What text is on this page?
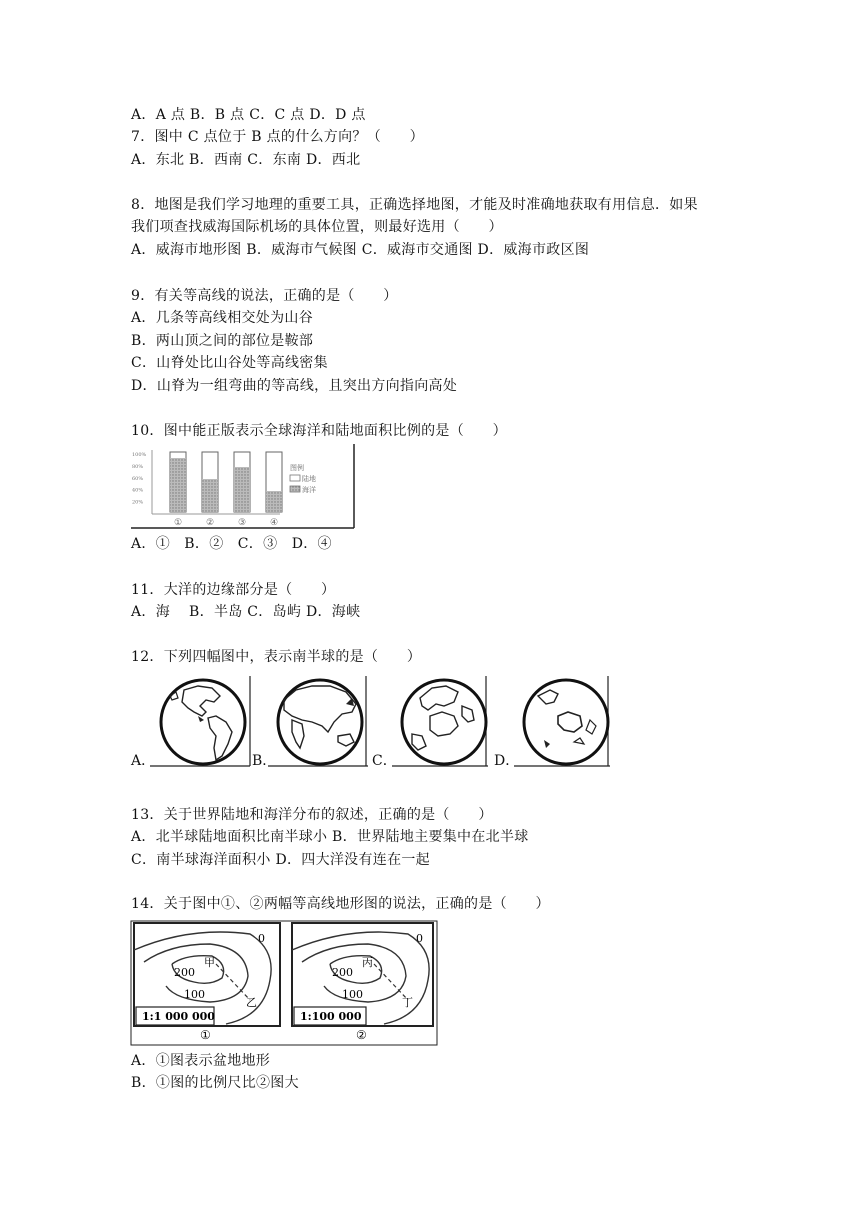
A．A 点 B．B 点 C．C 点 D．D 点
7．图中 C 点位于 B 点的什么方向？（　　）
A．东北 B．西南 C．东南 D．西北
8．地图是我们学习地理的重要工具，正确选择地图，才能及时准确地获取有用信息．如果
我们项查找威海国际机场的具体位置，则最好选用（　　）
A．威海市地形图 B．威海市气候图 C．威海市交通图 D．威海市政区图
9．有关等高线的说法，正确的是（　　）
A．几条等高线相交处为山谷
B．两山顶之间的部位是鞍部
C．山脊处比山谷处等高线密集
D．山脊为一组弯曲的等高线，且突出方向指向高处
10．图中能正版表示全球海洋和陆地面积比例的是（　　）
100%
80%
60%
40%
20%
①	②	③	④
图例
陆地
海洋
A．①　B．②　C．③　D．④
11．大洋的边缘部分是（　　）
A．海　 B．半岛 C．岛屿 D．海峡
12．下列四幅图中，表示南半球的是（　　）
A．	B．	C．	D．
13．关于世界陆地和海洋分布的叙述，正确的是（　　）
A．北半球陆地面积比南半球小 B．世界陆地主要集中在北半球
C．南半球海洋面积小 D．四大洋没有连在一起
14．关于图中①、②两幅等高线地形图的说法，正确的是（　　）
200
100
0
甲
乙
1:1 000 000
①
200
100
0
丙
丁
1:100 000
②
A．①图表示盆地地形
B．①图的比例尺比②图大
